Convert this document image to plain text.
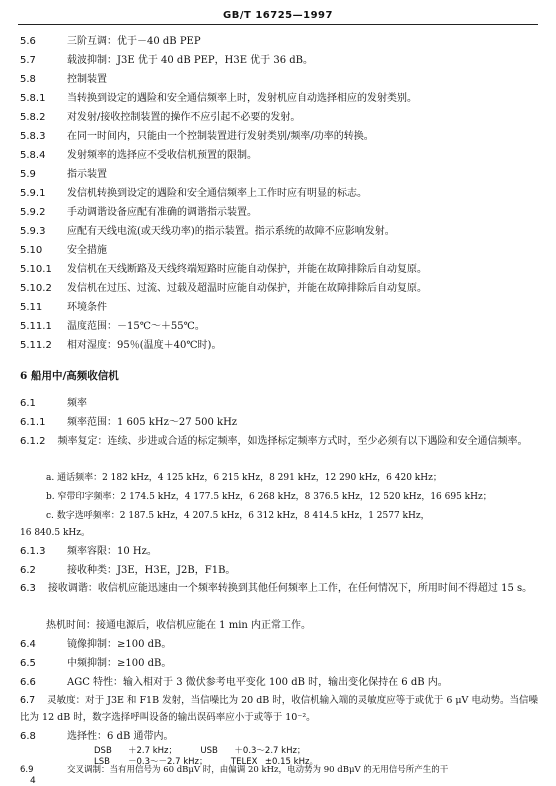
GB/T 16725—1997
5.6	三阶互调：优于－40 dB PEP
5.7	载波抑制：J3E 优于 40 dB PEP，H3E 优于 36 dB。
5.8	控制装置
5.8.1 当转换到设定的遇险和安全通信频率上时，发射机应自动选择相应的发射类别。
5.8.2 对发射/接收控制装置的操作不应引起不必要的发射。
5.8.3 在同一时间内，只能由一个控制装置进行发射类别/频率/功率的转换。
5.8.4 发射频率的选择应不受收信机预置的限制。
5.9	指示装置
5.9.1 发信机转换到设定的遇险和安全通信频率上工作时应有明显的标志。
5.9.2 手动调谐设备应配有准确的调谐指示装置。
5.9.3 应配有天线电流(或天线功率)的指示装置。指示系统的故障不应影响发射。
5.10 安全措施
5.10.1 发信机在天线断路及天线终端短路时应能自动保护，并能在故障排除后自动复原。
5.10.2 发信机在过压、过流、过载及超温时应能自动保护，并能在故障排除后自动复原。
5.11 环境条件
5.11.1 温度范围：－15℃～＋55℃。
5.11.2 相对湿度：95％(温度＋40℃时)。
6 船用中/高频收信机
6.1	频率
6.1.1 频率范围：1 605 kHz～27 500 kHz
6.1.2 频率复定：连续、步进或合适的标定频率，如选择标定频率方式时，至少必须有以下遇险和安全通信频率。
a. 通话频率：2 182 kHz，4 125 kHz，6 215 kHz，8 291 kHz，12 290 kHz，6 420 kHz；
b. 窄带印字频率：2 174.5 kHz，4 177.5 kHz，6 268 kHz，8 376.5 kHz，12 520 kHz，16 695 kHz；
c. 数字选呼频率：2 187.5 kHz，4 207.5 kHz，6 312 kHz，8 414.5 kHz，1 2577 kHz，
16 840.5 kHz。
6.1.3 频率容限：10 Hz。
6.2	接收种类：J3E，H3E，J2B，F1B。
6.3 接收调谐：收信机应能迅速由一个频率转换到其他任何频率上工作，在任何情况下，所用时间不得超过 15 s。
热机时间：接通电源后，收信机应能在 1 min 内正常工作。
6.4	镜像抑制：≥100 dB。
6.5	中频抑制：≥100 dB。
6.6	AGC 特性：输入相对于 3 微伏参考电平变化 100 dB 时，输出变化保持在 6 dB 内。
6.7 灵敏度：对于 J3E 和 F1B 发射，当信噪比为 20 dB 时，收信机输入端的灵敏度应等于或优于 6 μV 电动势。当信噪比为 12 dB 时，数字选择呼叫设备的输出误码率应小于或等于 10⁻²。
6.8	选择性：6 dB 通带内。
DSB ＋2.7 kHz；	USB ＋0.3～2.7 kHz；
LSB －0.3～－2.7 kHz；	TELEX ±0.15 kHz。
6.9	交叉调制：当有用信号为 60 dBμV 时，由偏调 20 kHz，电动势为 90 dBμV 的无用信号所产生的干
4
